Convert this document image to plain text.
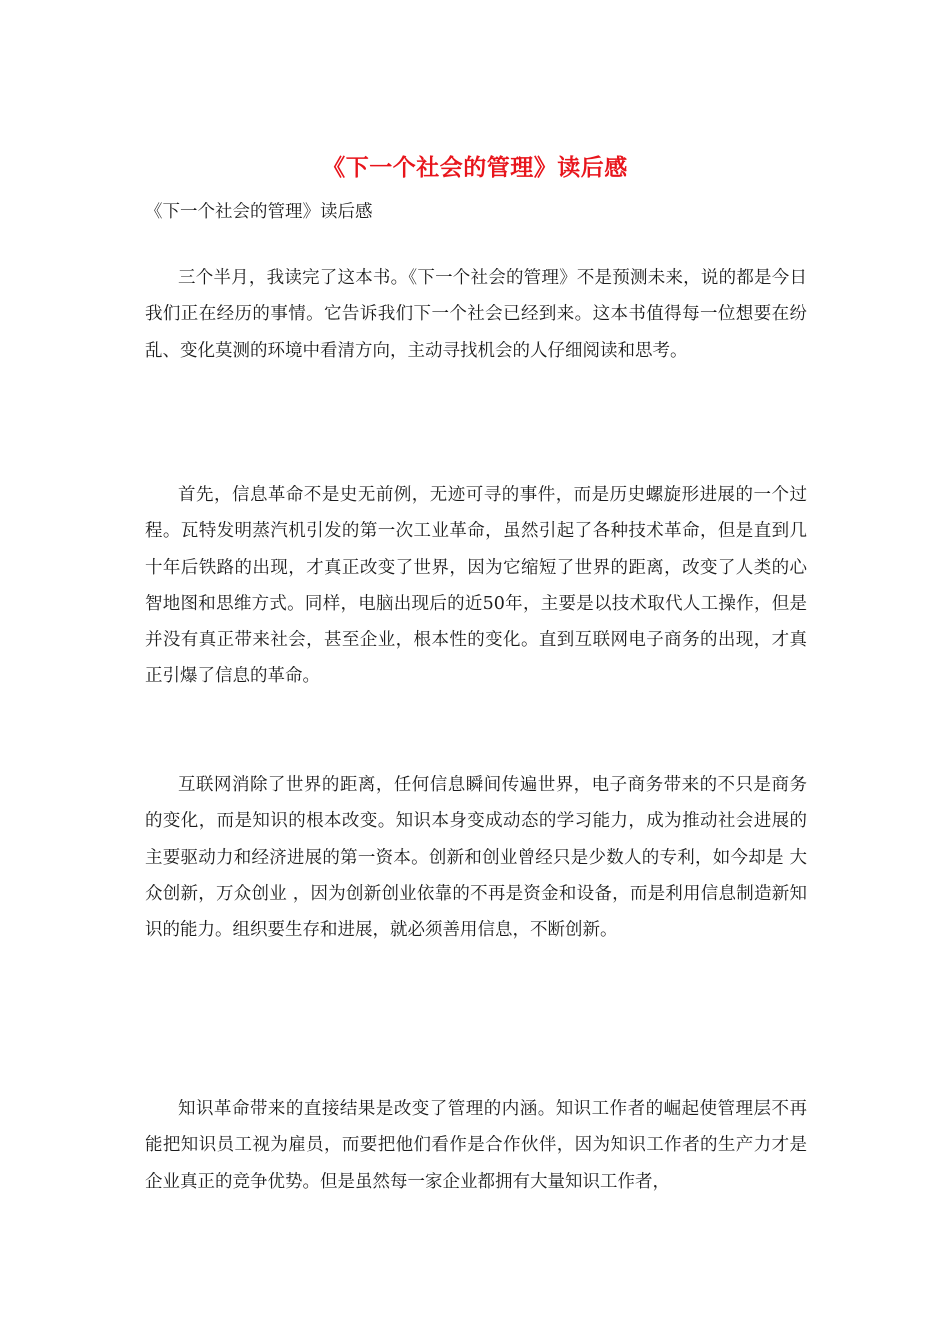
《下一个社会的管理》读后感
《下一个社会的管理》读后感

三个半月，我读完了这本书。《下一个社会的管理》不是预测未来，说的都是今日我们正在经历的事情。它告诉我们下一个社会已经到来。这本书值得每一位想要在纷乱、变化莫测的环境中看清方向，主动寻找机会的人仔细阅读和思考。

首先，信息革命不是史无前例，无迹可寻的事件，而是历史螺旋形进展的一个过程。瓦特发明蒸汽机引发的第一次工业革命，虽然引起了各种技术革命，但是直到几十年后铁路的出现，才真正改变了世界，因为它缩短了世界的距离，改变了人类的心智地图和思维方式。同样，电脑出现后的近50年，主要是以技术取代人工操作，但是并没有真正带来社会，甚至企业，根本性的变化。直到互联网电子商务的出现，才真正引爆了信息的革命。

互联网消除了世界的距离，任何信息瞬间传遍世界，电子商务带来的不只是商务的变化，而是知识的根本改变。知识本身变成动态的学习能力，成为推动社会进展的主要驱动力和经济进展的第一资本。创新和创业曾经只是少数人的专利，如今却是 大众创新，万众创业 ，因为创新创业依靠的不再是资金和设备，而是利用信息制造新知识的能力。组织要生存和进展，就必须善用信息，不断创新。

知识革命带来的直接结果是改变了管理的内涵。知识工作者的崛起使管理层不再能把知识员工视为雇员，而要把他们看作是合作伙伴，因为知识工作者的生产力才是企业真正的竞争优势。但是虽然每一家企业都拥有大量知识工作者，
